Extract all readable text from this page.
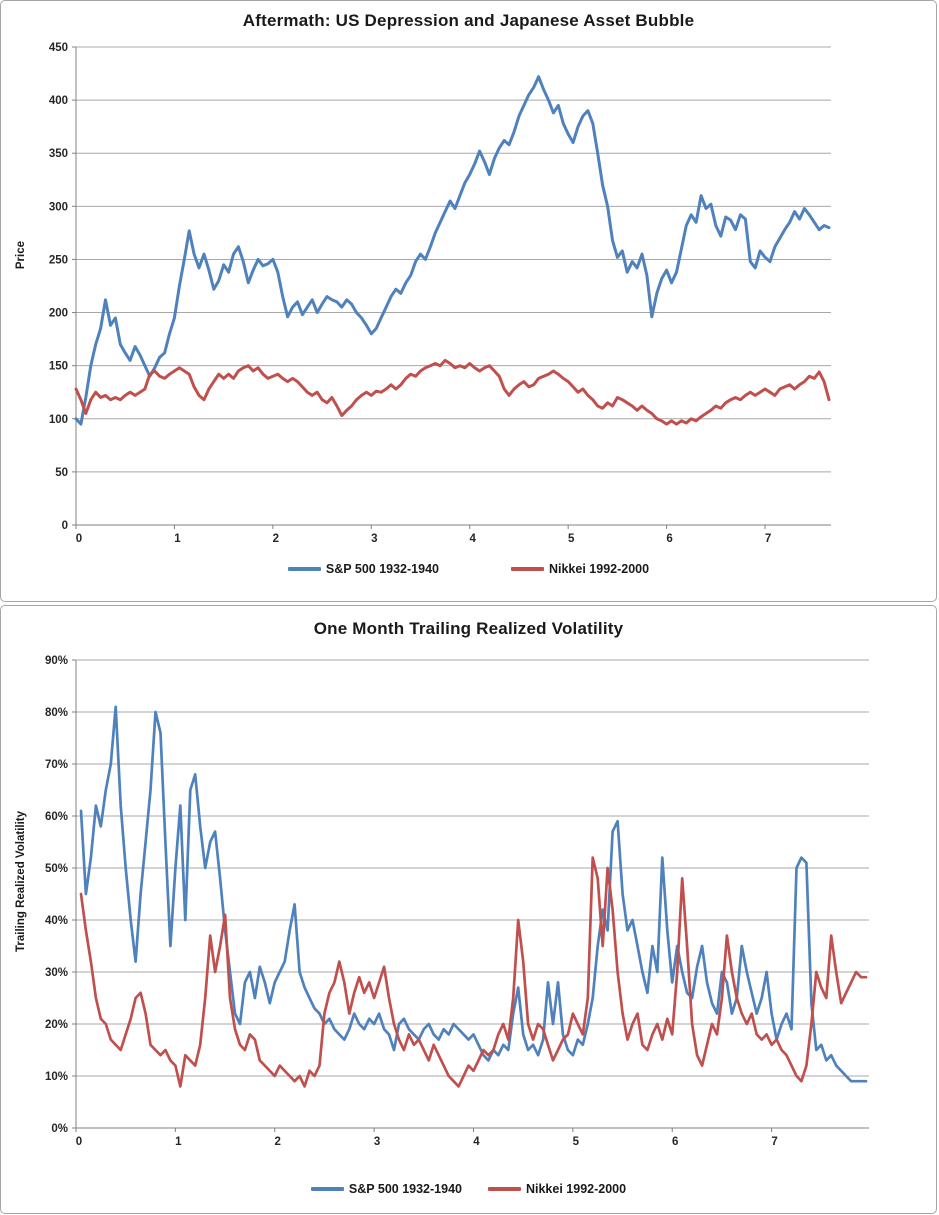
Aftermath: US Depression and Japanese Asset Bubble
Price
0
50
100
150
200
250
300
350
400
450
0	1	2	3	4	5	6	7
S&P 500 1932-1940	Nikkei 1992-2000
One Month Trailing Realized Volatility
Trailing Realized Volatility
0%
10%
20%
30%
40%
50%
60%
70%
80%
90%
0	1	2	3	4	5	6	7
S&P 500 1932-1940	Nikkei 1992-2000
